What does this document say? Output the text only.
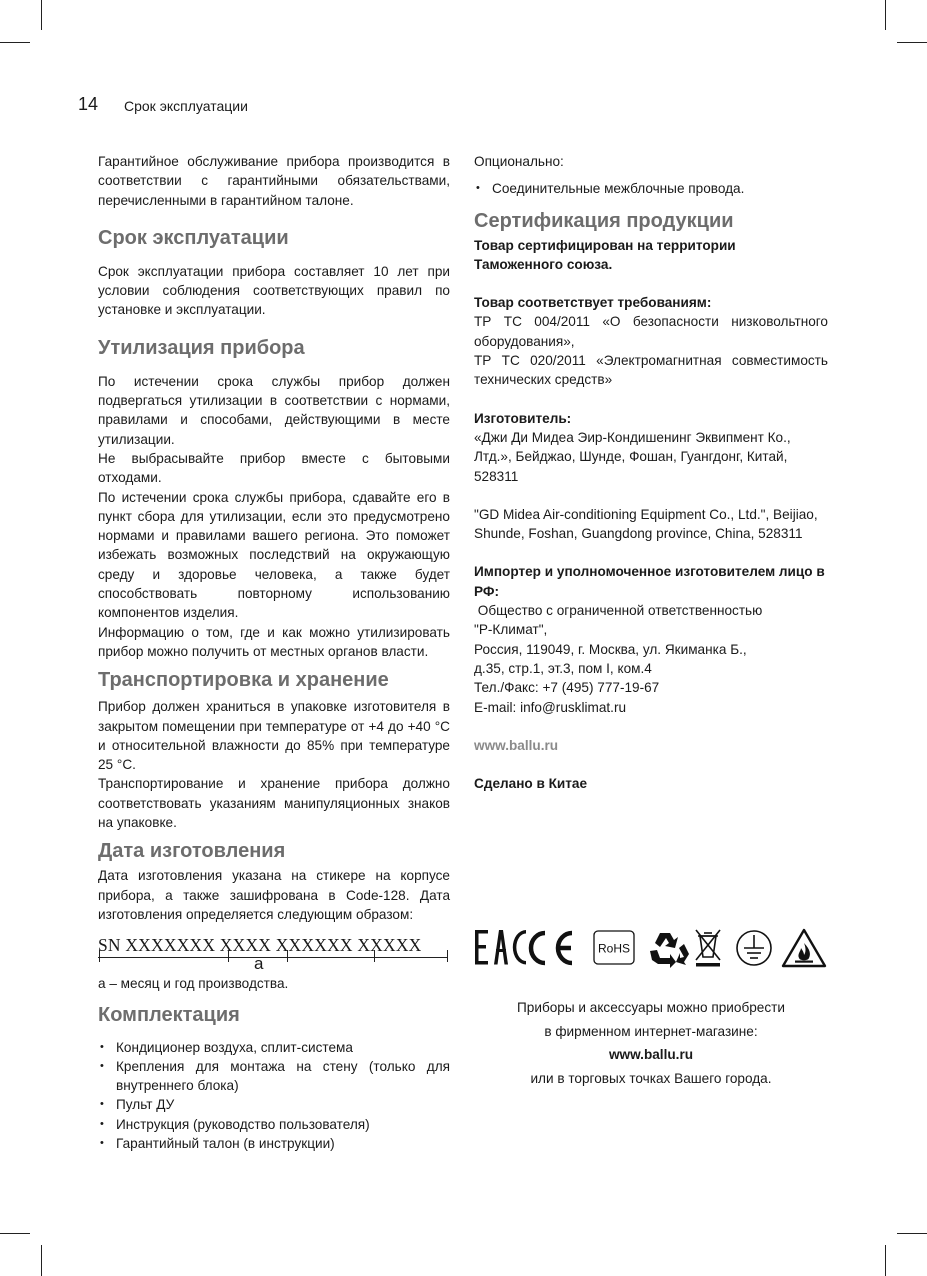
14 Срок эксплуатации

Гарантийное обслуживание прибора производится в соответствии с гарантийными обязательствами, перечисленными в гарантийном талоне.

Срок эксплуатации

Срок эксплуатации прибора составляет 10 лет при условии соблюдения соответствующих правил по установке и эксплуатации.

Утилизация прибора

По истечении срока службы прибор должен подвергаться утилизации в соответствии с нормами, правилами и способами, действующими в месте утилизации.

Не выбрасывайте прибор вместе с бытовыми отходами.

По истечении срока службы прибора, сдавайте его в пункт сбора для утилизации, если это предусмотрено нормами и правилами вашего региона. Это поможет избежать возможных последствий на окружающую среду и здоровье человека, а также будет способствовать повторному использованию компонентов изделия.

Информацию о том, где и как можно утилизировать прибор можно получить от местных органов власти.

Транспортировка и хранение

Прибор должен храниться в упаковке изготовителя в закрытом помещении при температуре от +4 до +40 °С и относительной влажности до 85% при температуре 25 °С.

Транспортирование и хранение прибора должно соответствовать указаниям манипуляционных знаков на упаковке.

Дата изготовления

Дата изготовления указана на стикере на корпусе прибора, а также зашифрована в Code-128. Дата изготовления определяется следующим образом:

SN XXXXXXX XXXX XXXXXX XXXXX
a

а – месяц и год производства.

Комплектация
• Кондиционер воздуха, сплит-система
• Крепления для монтажа на стену (только для внутреннего блока)
• Пульт ДУ
• Инструкция (руководство пользователя)
• Гарантийный талон (в инструкции)
Опционально:
• Соединительные межблочные провода.
Сертификация продукции
Товар сертифицирован на территории Таможенного союза.
Товар соответствует требованиям:

ТР ТС 004/2011 «О безопасности низковольтного оборудования»,

ТР ТС 020/2011 «Электромагнитная совместимость технических средств»

Изготовитель:
«Джи Ди Мидеа Эир-Кондишенинг Эквипмент Ко., Лтд.», Бейджао, Шунде, Фошан, Гуангдонг, Китай, 528311
"GD Midea Air-conditioning Equipment Co., Ltd.", Beijiao, Shunde, Foshan, Guangdong province, China, 528311
Импортер и уполномоченное изготовителем лицо в РФ:
Общество с ограниченной ответственностью
"Р-Климат",
Россия, 119049, г. Москва, ул. Якиманка Б.,
д.35, стр.1, эт.3, пом I, ком.4
Тел./Факс: +7 (495) 777-19-67
E-mail: info@rusklimat.ru
www.ballu.ru
Сделано в Китае
RoHS
Приборы и аксессуары можно приобрести
в фирменном интернет-магазине:
www.ballu.ru
или в торговых точках Вашего города.
